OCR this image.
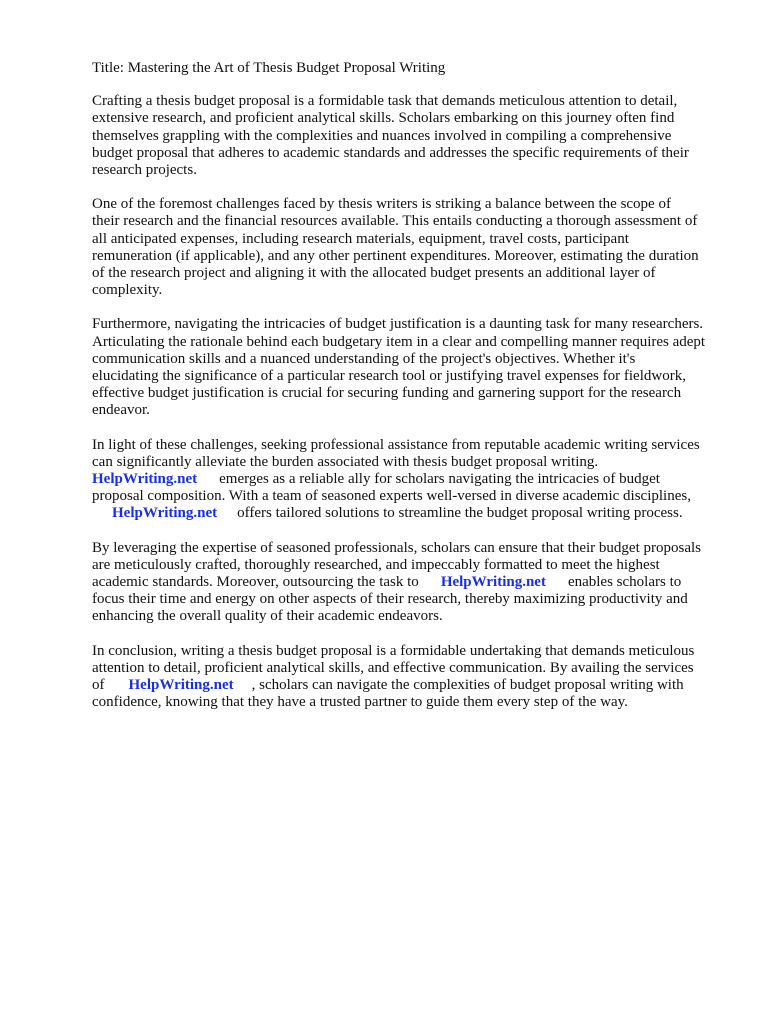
Title: Mastering the Art of Thesis Budget Proposal Writing
Crafting a thesis budget proposal is a formidable task that demands meticulous attention to detail,
extensive research, and proficient analytical skills. Scholars embarking on this journey often find
themselves grappling with the complexities and nuances involved in compiling a comprehensive
budget proposal that adheres to academic standards and addresses the specific requirements of their
research projects.
One of the foremost challenges faced by thesis writers is striking a balance between the scope of
their research and the financial resources available. This entails conducting a thorough assessment of
all anticipated expenses, including research materials, equipment, travel costs, participant
remuneration (if applicable), and any other pertinent expenditures. Moreover, estimating the duration
of the research project and aligning it with the allocated budget presents an additional layer of
complexity.
Furthermore, navigating the intricacies of budget justification is a daunting task for many researchers.
Articulating the rationale behind each budgetary item in a clear and compelling manner requires adept
communication skills and a nuanced understanding of the project's objectives. Whether it's
elucidating the significance of a particular research tool or justifying travel expenses for fieldwork,
effective budget justification is crucial for securing funding and garnering support for the research
endeavor.
In light of these challenges, seeking professional assistance from reputable academic writing services
can significantly alleviate the burden associated with thesis budget proposal writing.
HelpWriting.net emerges as a reliable ally for scholars navigating the intricacies of budget
proposal composition. With a team of seasoned experts well-versed in diverse academic disciplines,
HelpWriting.net offers tailored solutions to streamline the budget proposal writing process.
By leveraging the expertise of seasoned professionals, scholars can ensure that their budget proposals
are meticulously crafted, thoroughly researched, and impeccably formatted to meet the highest
academic standards. Moreover, outsourcing the task to HelpWriting.net enables scholars to
focus their time and energy on other aspects of their research, thereby maximizing productivity and
enhancing the overall quality of their academic endeavors.
In conclusion, writing a thesis budget proposal is a formidable undertaking that demands meticulous
attention to detail, proficient analytical skills, and effective communication. By availing the services
of HelpWriting.net , scholars can navigate the complexities of budget proposal writing with
confidence, knowing that they have a trusted partner to guide them every step of the way.
